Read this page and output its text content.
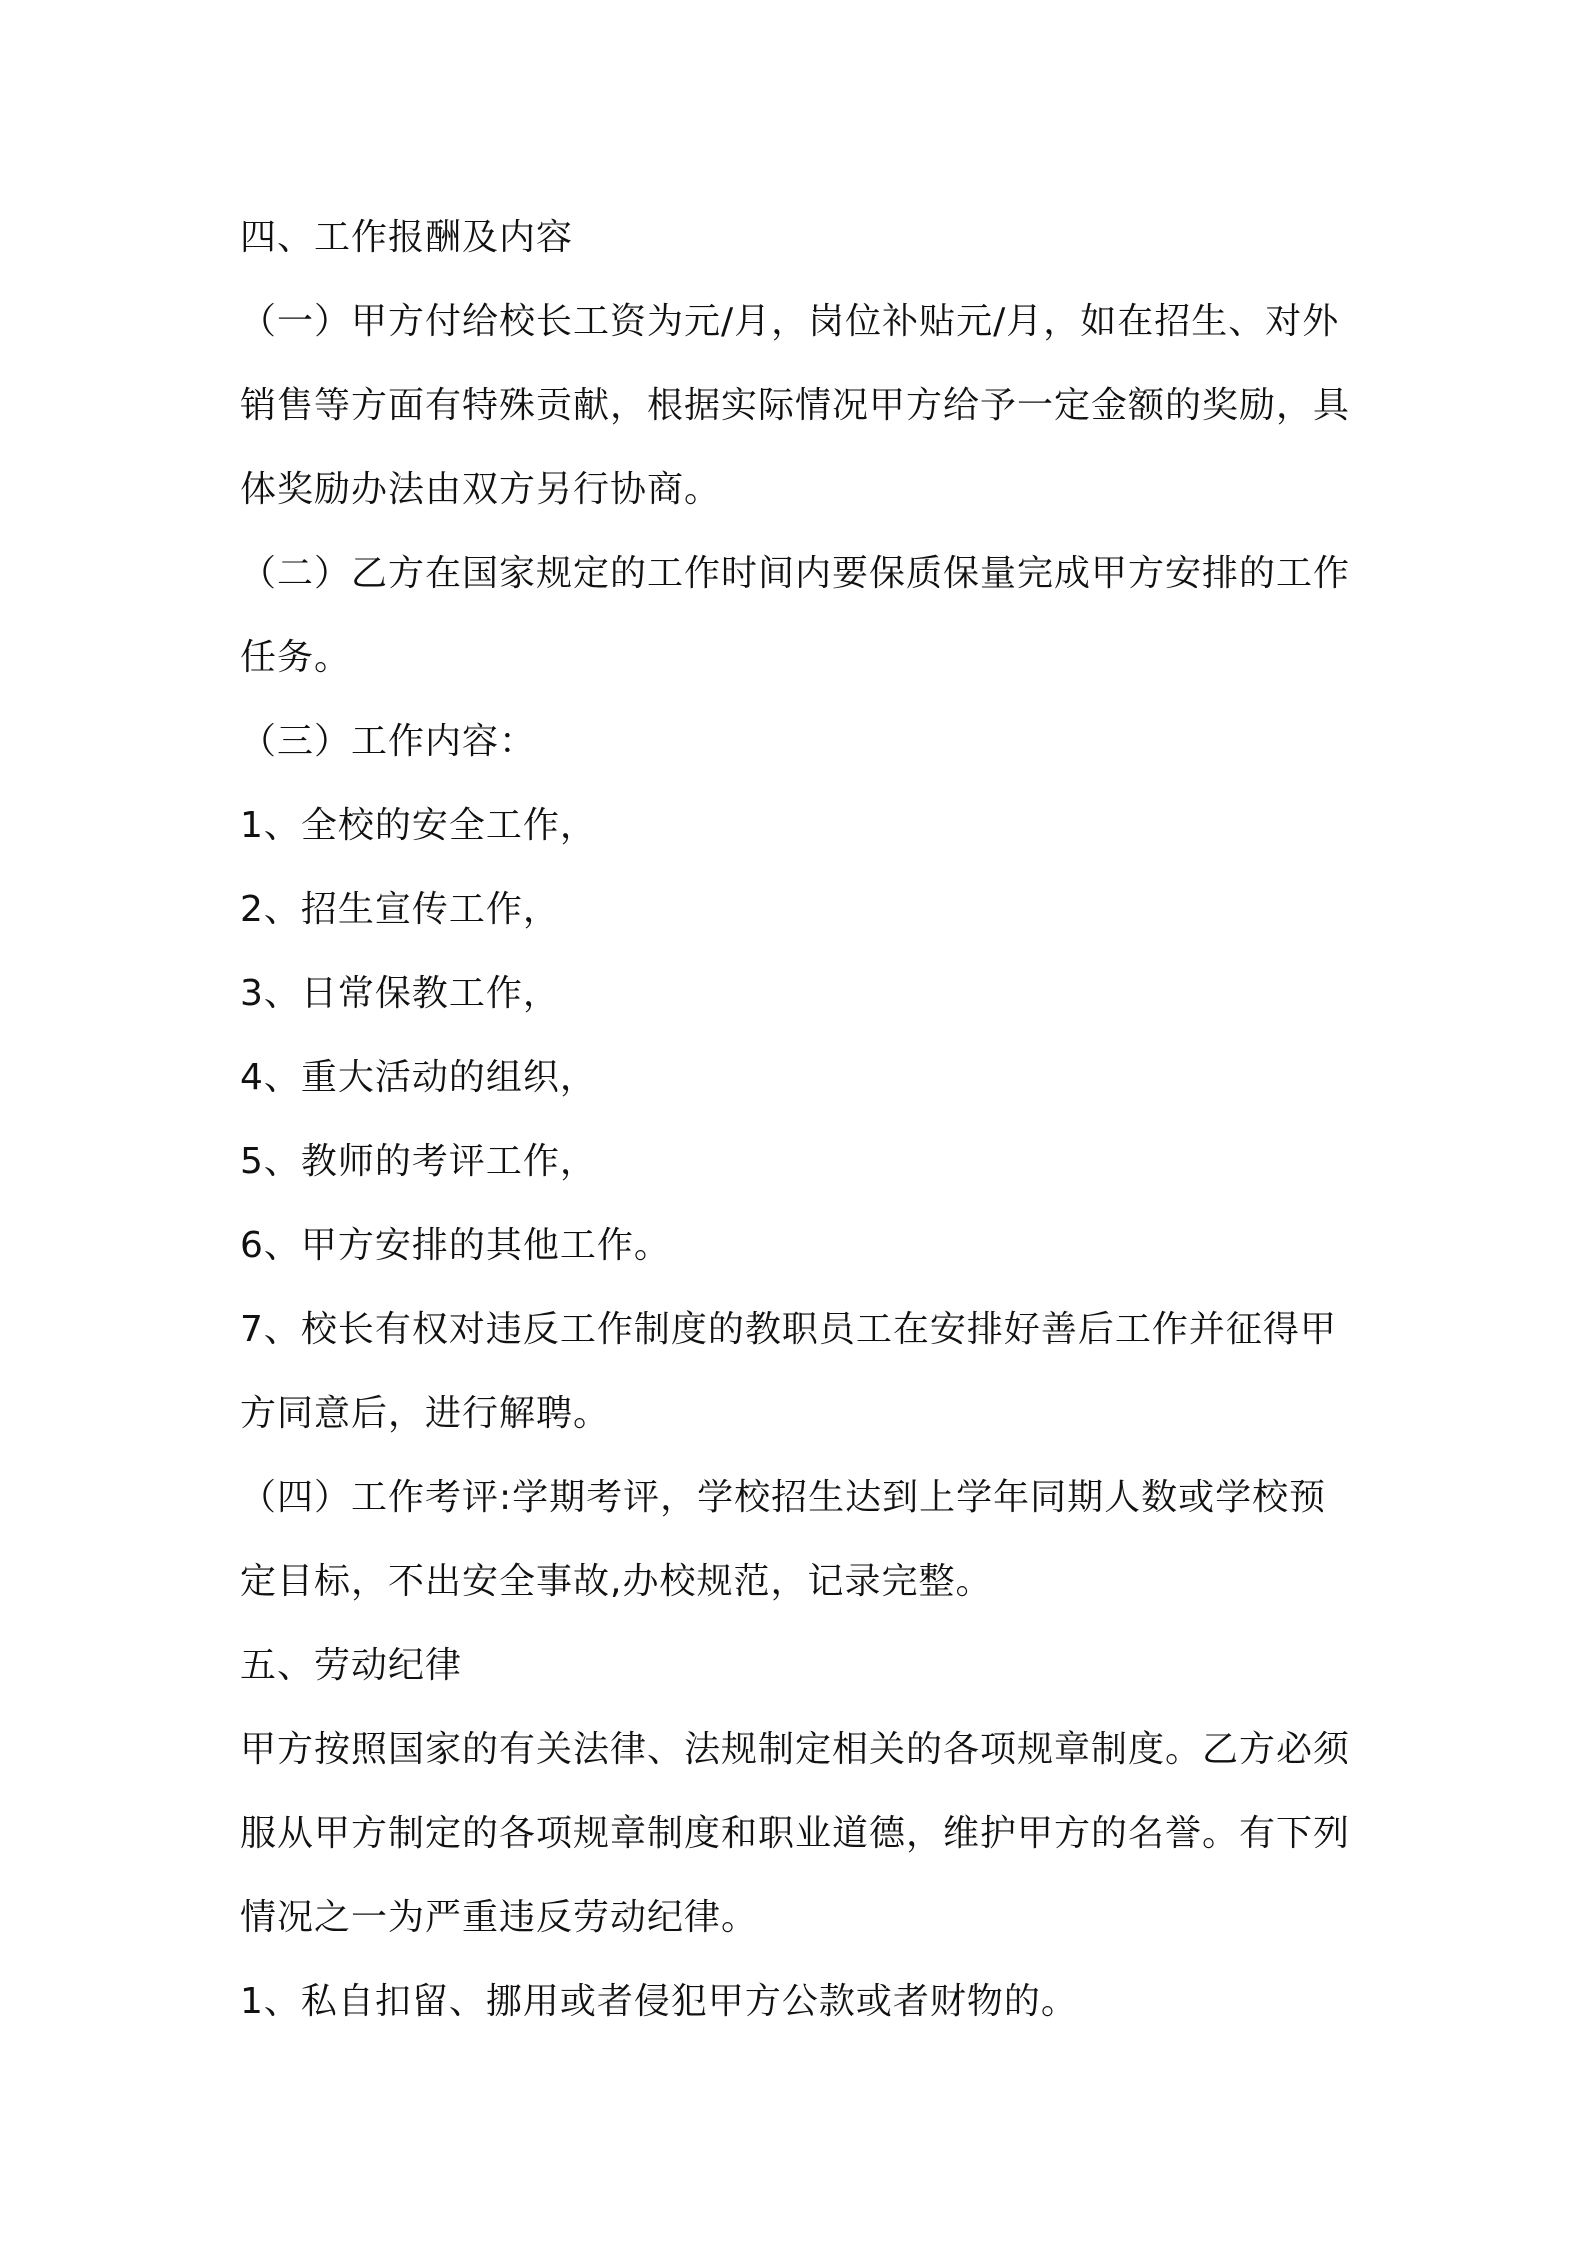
四、工作报酬及内容

（一）甲方付给校长工资为元/月，岗位补贴元/月，如在招生、对外销售等方面有特殊贡献，根据实际情况甲方给予一定金额的奖励，具体奖励办法由双方另行协商。

（二）乙方在国家规定的工作时间内要保质保量完成甲方安排的工作任务。

（三）工作内容：

1、全校的安全工作，

2、招生宣传工作，

3、日常保教工作，

4、重大活动的组织，

5、教师的考评工作，

6、甲方安排的其他工作。

7、校长有权对违反工作制度的教职员工在安排好善后工作并征得甲方同意后，进行解聘。

（四）工作考评:学期考评，学校招生达到上学年同期人数或学校预定目标，不出安全事故,办校规范，记录完整。

五、劳动纪律

甲方按照国家的有关法律、法规制定相关的各项规章制度。乙方必须服从甲方制定的各项规章制度和职业道德，维护甲方的名誉。有下列情况之一为严重违反劳动纪律。

1、私自扣留、挪用或者侵犯甲方公款或者财物的。
